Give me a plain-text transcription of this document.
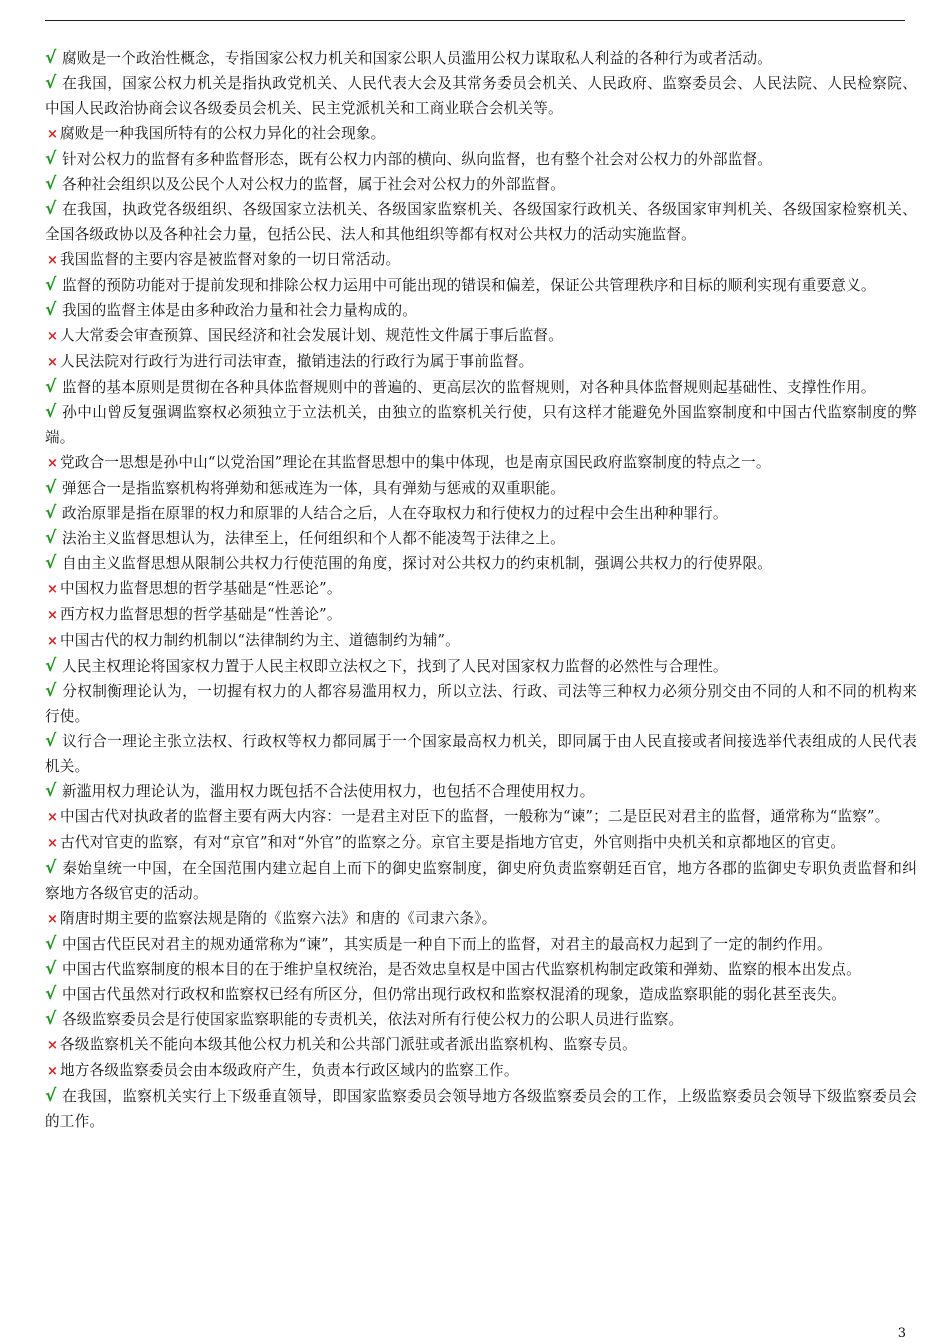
√ 腐败是一个政治性概念，专指国家公权力机关和国家公职人员滥用公权力谋取私人利益的各种行为或者活动。
√ 在我国，国家公权力机关是指执政党机关、人民代表大会及其常务委员会机关、人民政府、监察委员会、人民法院、人民检察院、中国人民政治协商会议各级委员会机关、民主党派机关和工商业联合会机关等。
× 腐败是一种我国所特有的公权力异化的社会现象。
√ 针对公权力的监督有多种监督形态，既有公权力内部的横向、纵向监督，也有整个社会对公权力的外部监督。
√ 各种社会组织以及公民个人对公权力的监督，属于社会对公权力的外部监督。
√ 在我国，执政党各级组织、各级国家立法机关、各级国家监察机关、各级国家行政机关、各级国家审判机关、各级国家检察机关、全国各级政协以及各种社会力量，包括公民、法人和其他组织等都有权对公共权力的活动实施监督。
× 我国监督的主要内容是被监督对象的一切日常活动。
√ 监督的预防功能对于提前发现和排除公权力运用中可能出现的错误和偏差，保证公共管理秩序和目标的顺利实现有重要意义。
√ 我国的监督主体是由多种政治力量和社会力量构成的。
× 人大常委会审查预算、国民经济和社会发展计划、规范性文件属于事后监督。
× 人民法院对行政行为进行司法审查，撤销违法的行政行为属于事前监督。
√ 监督的基本原则是贯彻在各种具体监督规则中的普遍的、更高层次的监督规则，对各种具体监督规则起基础性、支撑性作用。
√ 孙中山曾反复强调监察权必须独立于立法机关，由独立的监察机关行使，只有这样才能避免外国监察制度和中国古代监察制度的弊端。
× 党政合一思想是孙中山“以党治国”理论在其监督思想中的集中体现，也是南京国民政府监察制度的特点之一。
√ 弹惩合一是指监察机构将弹劾和惩戒连为一体，具有弹劾与惩戒的双重职能。
√ 政治原罪是指在原罪的权力和原罪的人结合之后，人在夺取权力和行使权力的过程中会生出种种罪行。
√ 法治主义监督思想认为，法律至上，任何组织和个人都不能凌驾于法律之上。
√ 自由主义监督思想从限制公共权力行使范围的角度，探讨对公共权力的约束机制，强调公共权力的行使界限。
× 中国权力监督思想的哲学基础是“性恶论”。
× 西方权力监督思想的哲学基础是“性善论”。
× 中国古代的权力制约机制以“法律制约为主、道德制约为辅”。
√ 人民主权理论将国家权力置于人民主权即立法权之下，找到了人民对国家权力监督的必然性与合理性。
√ 分权制衡理论认为，一切握有权力的人都容易滥用权力，所以立法、行政、司法等三种权力必须分别交由不同的人和不同的机构来行使。
√ 议行合一理论主张立法权、行政权等权力都同属于一个国家最高权力机关，即同属于由人民直接或者间接选举代表组成的人民代表机关。
√ 新滥用权力理论认为，滥用权力既包括不合法使用权力，也包括不合理使用权力。
× 中国古代对执政者的监督主要有两大内容：一是君主对臣下的监督，一般称为“谏”；二是臣民对君主的监督，通常称为“监察”。
× 古代对官吏的监察，有对“京官”和对“外官”的监察之分。京官主要是指地方官吏，外官则指中央机关和京都地区的官吏。
√ 秦始皇统一中国，在全国范围内建立起自上而下的御史监察制度，御史府负责监察朝廷百官，地方各郡的监御史专职负责监督和纠察地方各级官吏的活动。
× 隋唐时期主要的监察法规是隋的《监察六法》和唐的《司隶六条》。
√ 中国古代臣民对君主的规劝通常称为“谏”，其实质是一种自下而上的监督，对君主的最高权力起到了一定的制约作用。
√ 中国古代监察制度的根本目的在于维护皇权统治，是否效忠皇权是中国古代监察机构制定政策和弹劾、监察的根本出发点。
√ 中国古代虽然对行政权和监察权已经有所区分，但仍常出现行政权和监察权混淆的现象，造成监察职能的弱化甚至丧失。
√ 各级监察委员会是行使国家监察职能的专责机关，依法对所有行使公权力的公职人员进行监察。
× 各级监察机关不能向本级其他公权力机关和公共部门派驻或者派出监察机构、监察专员。
× 地方各级监察委员会由本级政府产生，负责本行政区域内的监察工作。
√ 在我国，监察机关实行上下级垂直领导，即国家监察委员会领导地方各级监察委员会的工作，上级监察委员会领导下级监察委员会的工作。
3
